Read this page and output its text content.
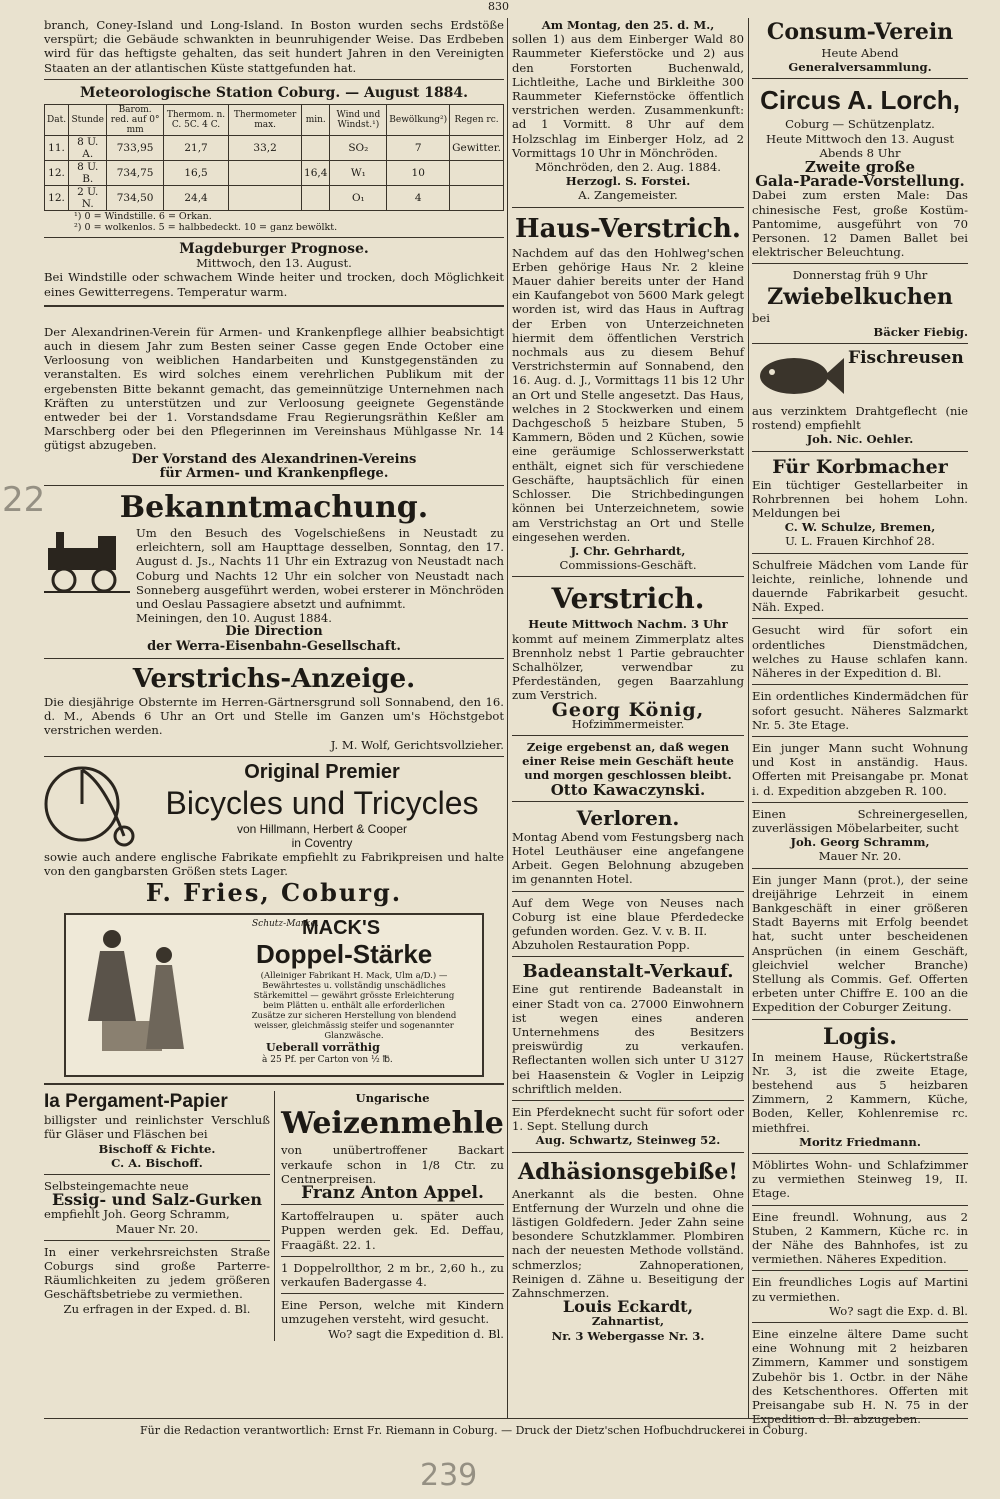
830

branch, Coney-Island und Long-Island. In Boston wurden sechs Erdstöße verspürt; die Gebäude schwankten in beunruhigender Weise. Das Erdbeben wird für das heftigste gehalten, das seit hundert Jahren in den Vereinigten Staaten an der atlantischen Küste stattgefunden hat.

Meteorologische Station Coburg. — August 1884.

Dat.	Stunde	Barom. red. auf 0° mm	Thermom. n. C. 5C. 4 C.	Thermometer max.	min.	Wind und Windst.¹)	Bewölkung²)	Regen rc.
11.	8 U. A.	733,95	21,7	33,2		SO₂	7	Gewitter.
12.	8 U. B.	734,75	16,5		16,4	W₁	10	
12.	2 U. N.	734,50	24,4			O₁	4	

¹) 0 = Windstille. 6 = Orkan.

²) 0 = wolkenlos. 5 = halbbedeckt. 10 = ganz bewölkt.

Magdeburger Prognose.

Mittwoch, den 13. August.

Bei Windstille oder schwachem Winde heiter und trocken, doch Möglichkeit eines Gewitterregens. Temperatur warm.

Der Alexandrinen-Verein für Armen- und Krankenpflege allhier beabsichtigt auch in diesem Jahr zum Besten seiner Casse gegen Ende October eine Verloosung von weiblichen Handarbeiten und Kunstgegenständen zu veranstalten. Es wird solches einem verehrlichen Publikum mit der ergebensten Bitte bekannt gemacht, das gemeinnützige Unternehmen nach Kräften zu unterstützen und zur Verloosung geeignete Gegenstände entweder bei der 1. Vorstandsdame Frau Regierungsräthin Keßler am Marschberg oder bei den Pflegerinnen im Vereinshaus Mühlgasse Nr. 14 gütigst abzugeben.

Der Vorstand des Alexandrinen-Vereins

für Armen- und Krankenpflege.

Bekanntmachung.

Um den Besuch des Vogelschießens in Neustadt zu erleichtern, soll am Haupttage desselben, Sonntag, den 17. August d. Js., Nachts 11 Uhr ein Extrazug von Neustadt nach Coburg und Nachts 12 Uhr ein solcher von Neustadt nach Sonneberg ausgeführt werden, wobei ersterer in Mönchröden und Oeslau Passagiere absetzt und aufnimmt.

Meiningen, den 10. August 1884.

Die Direction

der Werra-Eisenbahn-Gesellschaft.

Verstrichs-Anzeige.

Die diesjährige Obsternte im Herren-Gärtnersgrund soll Sonnabend, den 16. d. M., Abends 6 Uhr an Ort und Stelle im Ganzen um's Höchstgebot verstrichen werden.

J. M. Wolf, Gerichtsvollzieher.

Original Premier

Bicycles und Tricycles

von Hillmann, Herbert & Cooper

in Coventry

sowie auch andere englische Fabrikate empfiehlt zu Fabrikpreisen und halte von den gangbarsten Größen stets Lager.

F. Fries, Coburg.

Schutz-Marke.

MACK'S

Doppel-Stärke

(Alleiniger Fabrikant H. Mack, Ulm a/D.) — Bewährtestes u. vollständig unschädliches Stärkemittel — gewährt grösste Erleichterung beim Plätten u. enthält alle erforderlichen Zusätze zur sicheren Herstellung von blendend weisser, gleichmässig steifer und sogenannter Glanzwäsche.

Ueberall vorräthig

à 25 Pf. per Carton von ½ ℔.

Ia Pergament-Papier

billigster und reinlichster Verschluß für Gläser und Fläschen bei

Bischoff & Fichte.

C. A. Bischoff.

Selbsteingemachte neue

Essig- und Salz-Gurken

empfiehlt Joh. Georg Schramm,

Mauer Nr. 20.

In einer verkehrsreichsten Straße Coburgs sind große Parterre-Räumlichkeiten zu jedem größeren Geschäftsbetriebe zu vermiethen.

Zu erfragen in der Exped. d. Bl.

Ungarische

Weizenmehle

von unübertroffener Backart verkaufe schon in 1/8 Ctr. zu Centnerpreisen.

Franz Anton Appel.

Kartoffelraupen u. später auch Puppen werden gek. Ed. Deffau, Fraagäßt. 22. 1.

1 Doppelrollthor, 2 m br., 2,60 h., zu verkaufen Badergasse 4.

Eine Person, welche mit Kindern umzugehen versteht, wird gesucht.

Wo? sagt die Expedition d. Bl.

Am Montag, den 25. d. M.,

sollen 1) aus dem Einberger Wald 80 Raummeter Kieferstöcke und 2) aus den Forstorten Buchenwald, Lichtleithe, Lache und Birkleithe 300 Raummeter Kiefernstöcke öffentlich verstrichen werden. Zusammenkunft: ad 1 Vormitt. 8 Uhr auf dem Holzschlag im Einberger Holz, ad 2 Vormittags 10 Uhr in Mönchröden.

Mönchröden, den 2. Aug. 1884.

Herzogl. S. Forstei.

A. Zangemeister.

Haus-Verstrich.

Nachdem auf das den Hohlweg'schen Erben gehörige Haus Nr. 2 kleine Mauer dahier bereits unter der Hand ein Kaufangebot von 5600 Mark gelegt worden ist, wird das Haus in Auftrag der Erben von Unterzeichneten hiermit dem öffentlichen Verstrich nochmals aus zu diesem Behuf Verstrichstermin auf Sonnabend, den 16. Aug. d. J., Vormittags 11 bis 12 Uhr an Ort und Stelle angesetzt. Das Haus, welches in 2 Stockwerken und einem Dachgeschoß 5 heizbare Stuben, 5 Kammern, Böden und 2 Küchen, sowie eine geräumige Schlosserwerkstatt enthält, eignet sich für verschiedene Geschäfte, hauptsächlich für einen Schlosser. Die Strichbedingungen können bei Unterzeichnetem, sowie am Verstrichstag an Ort und Stelle eingesehen werden.

J. Chr. Gehrhardt,

Commissions-Geschäft.

Verstrich.

Heute Mittwoch Nachm. 3 Uhr

kommt auf meinem Zimmerplatz altes Brennholz nebst 1 Partie gebrauchter Schalhölzer, verwendbar zu Pferdeständen, gegen Baarzahlung zum Verstrich.

Georg König,

Hofzimmermeister.

Zeige ergebenst an, daß wegen einer Reise mein Geschäft heute und morgen geschlossen bleibt.

Otto Kawaczynski.

Verloren.

Montag Abend vom Festungsberg nach Hotel Leuthäuser eine angefangene Arbeit. Gegen Belohnung abzugeben im genannten Hotel.

Auf dem Wege von Neuses nach Coburg ist eine blaue Pferdedecke gefunden worden. Gez. V. v. B. II.

Abzuholen Restauration Popp.

Badeanstalt-Verkauf.

Eine gut rentirende Badeanstalt in einer Stadt von ca. 27000 Einwohnern ist wegen eines anderen Unternehmens des Besitzers preiswürdig zu verkaufen. Reflectanten wollen sich unter U 3127 bei Haasenstein & Vogler in Leipzig schriftlich melden.

Ein Pferdeknecht sucht für sofort oder 1. Sept. Stellung durch

Aug. Schwartz, Steinweg 52.

Adhäsionsgebiße!

Anerkannt als die besten. Ohne Entfernung der Wurzeln und ohne die lästigen Goldfedern. Jeder Zahn seine besondere Schutzklammer. Plombiren nach der neuesten Methode vollständ. schmerzlos; Zahnoperationen, Reinigen d. Zähne u. Beseitigung der Zahnschmerzen.

Louis Eckardt,

Zahnartist,

Nr. 3 Webergasse Nr. 3.

Consum-Verein

Heute Abend

Generalversammlung.

Circus A. Lorch,

Coburg — Schützenplatz.

Heute Mittwoch den 13. August

Abends 8 Uhr

Zweite große

Gala-Parade-Vorstellung.

Dabei zum ersten Male: Das chinesische Fest, große Kostüm-Pantomime, ausgeführt von 70 Personen. 12 Damen Ballet bei elektrischer Beleuchtung.

Donnerstag früh 9 Uhr

Zwiebelkuchen

bei

Bäcker Fiebig.

Fischreusen

aus verzinktem Drahtgeflecht (nie rostend) empfiehlt

Joh. Nic. Oehler.

Für Korbmacher

Ein tüchtiger Gestellarbeiter in Rohrbrennen bei hohem Lohn. Meldungen bei

C. W. Schulze, Bremen,

U. L. Frauen Kirchhof 28.

Schulfreie Mädchen vom Lande für leichte, reinliche, lohnende und dauernde Fabrikarbeit gesucht. Näh. Exped.

Gesucht wird für sofort ein ordentliches Dienstmädchen, welches zu Hause schlafen kann. Näheres in der Expedition d. Bl.

Ein ordentliches Kindermädchen für sofort gesucht. Näheres Salzmarkt Nr. 5. 3te Etage.

Ein junger Mann sucht Wohnung und Kost in anständig. Haus. Offerten mit Preisangabe pr. Monat i. d. Expedition abzgeben R. 100.

Einen Schreinergesellen, zuverlässigen Möbelarbeiter, sucht

Joh. Georg Schramm,

Mauer Nr. 20.

Ein junger Mann (prot.), der seine dreijährige Lehrzeit in einem Bankgeschäft in einer größeren Stadt Bayerns mit Erfolg beendet hat, sucht unter bescheidenen Ansprüchen (in einem Geschäft, gleichviel welcher Branche) Stellung als Commis. Gef. Offerten erbeten unter Chiffre E. 100 an die Expedition der Coburger Zeitung.

Logis.

In meinem Hause, Rückertstraße Nr. 3, ist die zweite Etage, bestehend aus 5 heizbaren Zimmern, 2 Kammern, Küche, Boden, Keller, Kohlenremise rc. miethfrei.

Moritz Friedmann.

Möblirtes Wohn- und Schlafzimmer zu vermiethen Steinweg 19, II. Etage.

Eine freundl. Wohnung, aus 2 Stuben, 2 Kammern, Küche rc. in der Nähe des Bahnhofes, ist zu vermiethen. Näheres Expedition.

Ein freundliches Logis auf Martini zu vermiethen.

Wo? sagt die Exp. d. Bl.

Eine einzelne ältere Dame sucht eine Wohnung mit 2 heizbaren Zimmern, Kammer und sonstigem Zubehör bis 1. Octbr. in der Nähe des Ketschenthores. Offerten mit Preisangabe sub H. N. 75 in der Expedition d. Bl. abzugeben.

22
239
Für die Redaction verantwortlich: Ernst Fr. Riemann in Coburg. — Druck der Dietz'schen Hofbuchdruckerei in Coburg.
